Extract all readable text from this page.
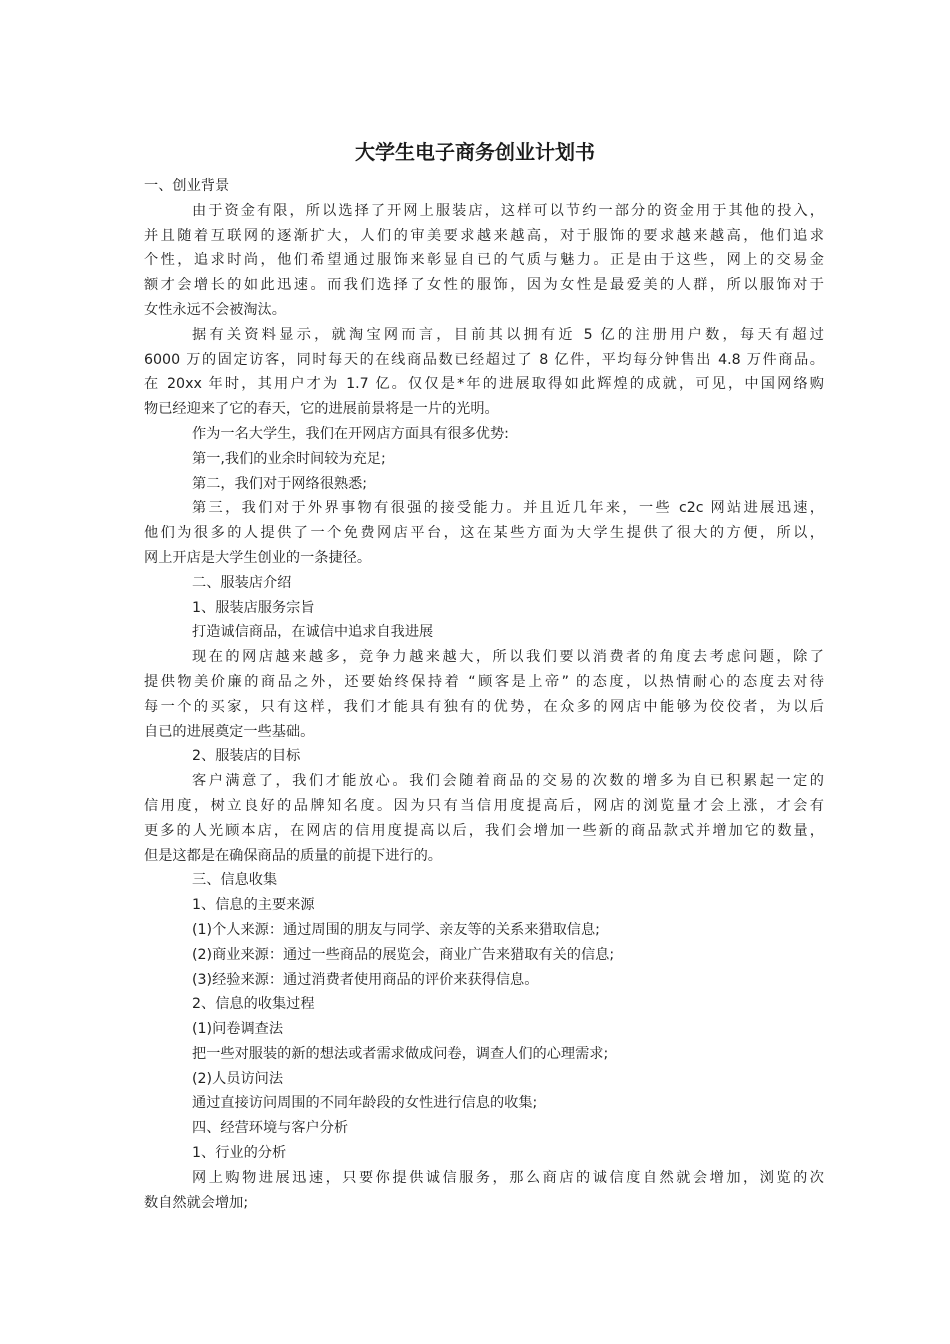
大学生电子商务创业计划书
一、创业背景
由于资金有限，所以选择了开网上服装店，这样可以节约一部分的资金用于其他的投入，
并且随着互联网的逐渐扩大，人们的审美要求越来越高，对于服饰的要求越来越高，他们追求
个性，追求时尚，他们希望通过服饰来彰显自已的气质与魅力。正是由于这些，网上的交易金
额才会增长的如此迅速。而我们选择了女性的服饰，因为女性是最爱美的人群，所以服饰对于
女性永远不会被淘汰。
据有关资料显示，就淘宝网而言，目前其以拥有近 5 亿的注册用户数，每天有超过
6000 万的固定访客，同时每天的在线商品数已经超过了 8 亿件，平均每分钟售出 4.8 万件商品。
在 20xx 年时，其用户才为 1.7 亿。仅仅是*年的进展取得如此辉煌的成就，可见，中国网络购
物已经迎来了它的春天，它的进展前景将是一片的光明。
作为一名大学生，我们在开网店方面具有很多优势:
第一,我们的业余时间较为充足;
第二，我们对于网络很熟悉;
第三，我们对于外界事物有很强的接受能力。并且近几年来，一些 c2c 网站进展迅速，
他们为很多的人提供了一个免费网店平台，这在某些方面为大学生提供了很大的方便，所以，
网上开店是大学生创业的一条捷径。
二、服装店介绍
1、服装店服务宗旨
打造诚信商品，在诚信中追求自我进展
现在的网店越来越多，竞争力越来越大，所以我们要以消费者的角度去考虑问题，除了
提供物美价廉的商品之外，还要始终保持着 “顾客是上帝” 的态度，以热情耐心的态度去对待
每一个的买家，只有这样，我们才能具有独有的优势，在众多的网店中能够为佼佼者，为以后
自已的进展奠定一些基础。
2、服装店的目标
客户满意了，我们才能放心。我们会随着商品的交易的次数的增多为自已积累起一定的
信用度，树立良好的品牌知名度。因为只有当信用度提高后，网店的浏览量才会上涨，才会有
更多的人光顾本店，在网店的信用度提高以后，我们会增加一些新的商品款式并增加它的数量，
但是这都是在确保商品的质量的前提下进行的。
三、信息收集
1、信息的主要来源
(1)个人来源：通过周围的朋友与同学、亲友等的关系来猎取信息;
(2)商业来源：通过一些商品的展览会，商业广告来猎取有关的信息;
(3)经验来源：通过消费者使用商品的评价来获得信息。
2、信息的收集过程
(1)问卷调查法
把一些对服装的新的想法或者需求做成问卷，调查人们的心理需求;
(2)人员访问法
通过直接访问周围的不同年龄段的女性进行信息的收集;
四、经营环境与客户分析
1、行业的分析
网上购物进展迅速，只要你提供诚信服务，那么商店的诚信度自然就会增加，浏览的次
数自然就会增加;
